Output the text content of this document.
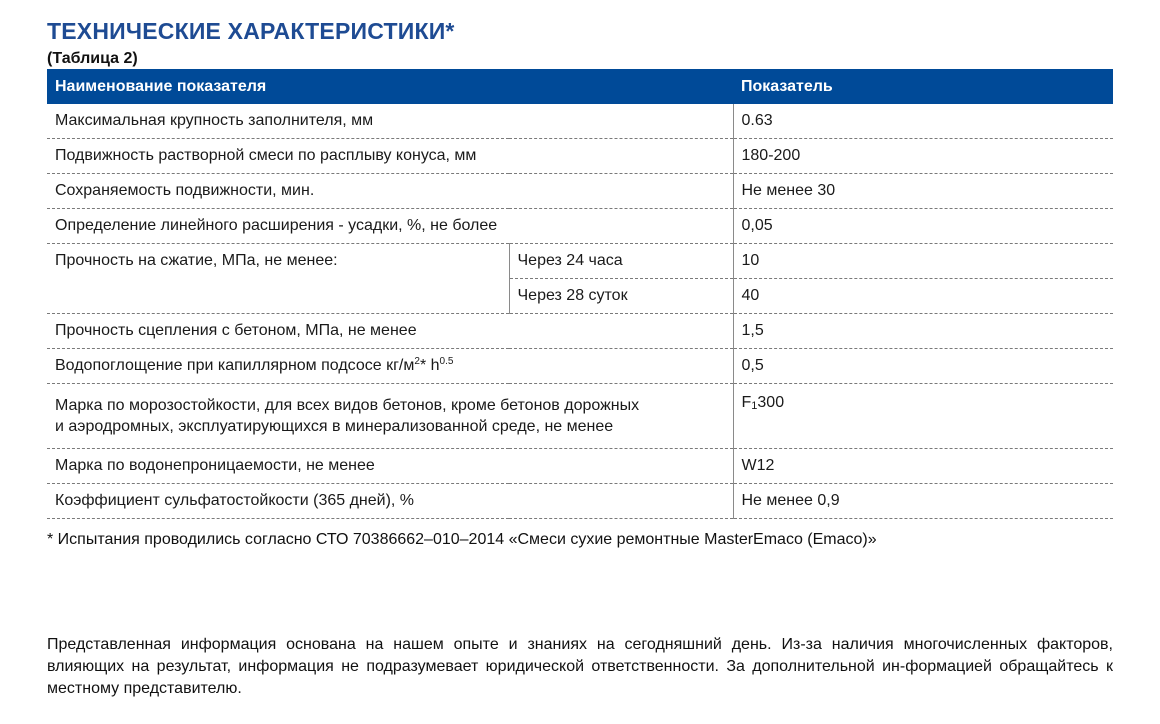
ТЕХНИЧЕСКИЕ ХАРАКТЕРИСТИКИ*
(Таблица 2)
Наименование показателя		Показатель
Максимальная крупность заполнителя, мм		0.63
Подвижность растворной смеси по расплыву конуса, мм		180-200
Сохраняемость подвижности, мин.		Не менее 30
Определение линейного расширения - усадки, %, не более		0,05
Прочность на сжатие, МПа, не менее:	Через 24 часа	10
	Через 28 суток	40
Прочность сцепления с бетоном, МПа, не менее		1,5
Водопоглощение при капиллярном подсосе $кг/м^2*$ $h^{0.5}$		0,5

Марка по морозостойкости, для всех видов бетонов, кроме бетонов дорожных
и аэродромных, эксплуатирующихся в минерализованной среде, не менее		$F_1300$
Марка по водонепроницаемости, не менее		W12
Коэффициент сульфатостойкости (365 дней), %		Не менее 0,9
* Испытания проводились согласно СТО 70386662–010–2014 «Смеси сухие ремонтные MasterEmaco (Emaco)»
Представленная информация основана на нашем опыте и знаниях на сегодняшний день. Из-за наличия многочисленных факторов, влияющих на результат, информация не подразумевает юридической ответственности. За дополнительной ин-формацией обращайтесь к местному представителю.
